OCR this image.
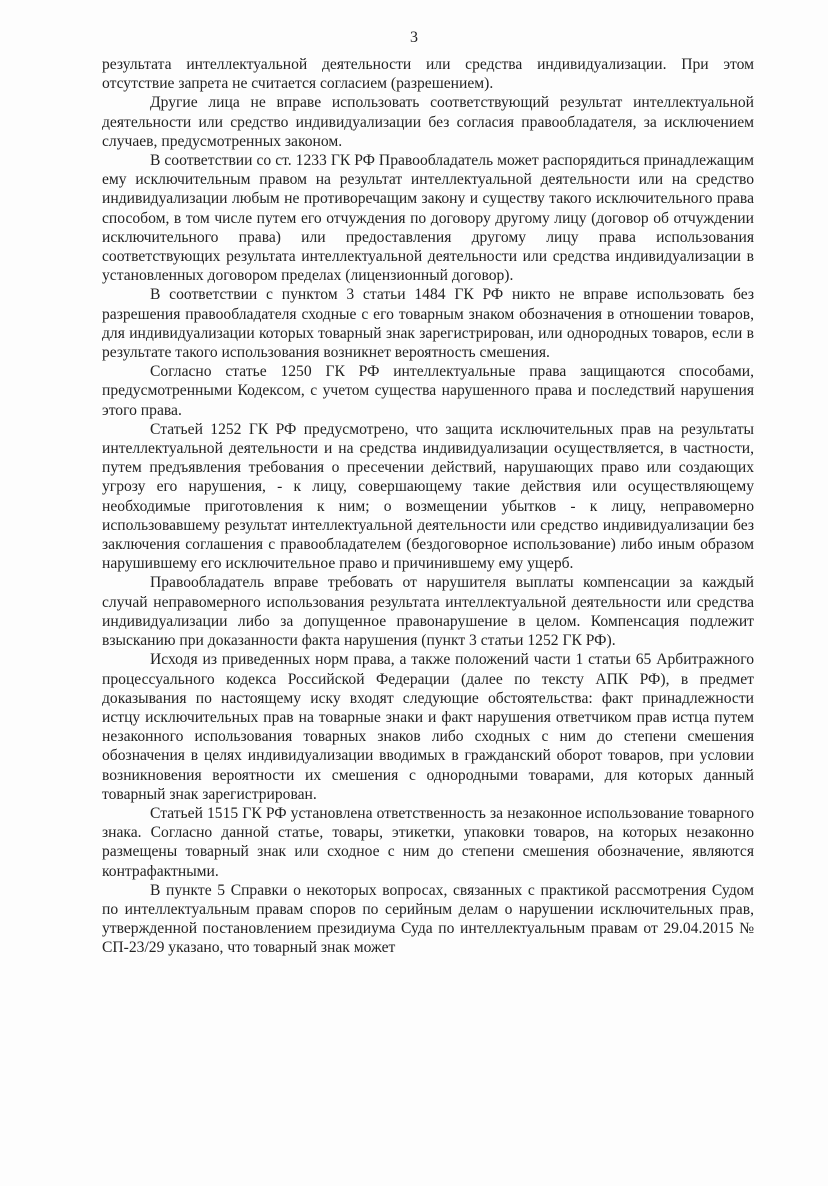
3

результата интеллектуальной деятельности или средства индивидуализации. При этом отсутствие запрета не считается согласием (разрешением).

Другие лица не вправе использовать соответствующий результат интеллектуальной деятельности или средство индивидуализации без согласия правообладателя, за исключением случаев, предусмотренных законом.

В соответствии со ст. 1233 ГК РФ Правообладатель может распорядиться принадлежащим ему исключительным правом на результат интеллектуальной деятельности или на средство индивидуализации любым не противоречащим закону и существу такого исключительного права способом, в том числе путем его отчуждения по договору другому лицу (договор об отчуждении исключительного права) или предоставления другому лицу права использования соответствующих результата интеллектуальной деятельности или средства индивидуализации в установленных договором пределах (лицензионный договор).

В соответствии с пунктом 3 статьи 1484 ГК РФ никто не вправе использовать без разрешения правообладателя сходные с его товарным знаком обозначения в отношении товаров, для индивидуализации которых товарный знак зарегистрирован, или однородных товаров, если в результате такого использования возникнет вероятность смешения.

Согласно статье 1250 ГК РФ интеллектуальные права защищаются способами, предусмотренными Кодексом, с учетом существа нарушенного права и последствий нарушения этого права.

Статьей 1252 ГК РФ предусмотрено, что защита исключительных прав на результаты интеллектуальной деятельности и на средства индивидуализации осуществляется, в частности, путем предъявления требования о пресечении действий, нарушающих право или создающих угрозу его нарушения, - к лицу, совершающему такие действия или осуществляющему необходимые приготовления к ним; о возмещении убытков - к лицу, неправомерно использовавшему результат интеллектуальной деятельности или средство индивидуализации без заключения соглашения с правообладателем (бездоговорное использование) либо иным образом нарушившему его исключительное право и причинившему ему ущерб.

Правообладатель вправе требовать от нарушителя выплаты компенсации за каждый случай неправомерного использования результата интеллектуальной деятельности или средства индивидуализации либо за допущенное правонарушение в целом. Компенсация подлежит взысканию при доказанности факта нарушения (пункт 3 статьи 1252 ГК РФ).

Исходя из приведенных норм права, а также положений части 1 статьи 65 Арбитражного процессуального кодекса Российской Федерации (далее по тексту АПК РФ), в предмет доказывания по настоящему иску входят следующие обстоятельства: факт принадлежности истцу исключительных прав на товарные знаки и факт нарушения ответчиком прав истца путем незаконного использования товарных знаков либо сходных с ним до степени смешения обозначения в целях индивидуализации вводимых в гражданский оборот товаров, при условии возникновения вероятности их смешения с однородными товарами, для которых данный товарный знак зарегистрирован.

Статьей 1515 ГК РФ установлена ответственность за незаконное использование товарного знака. Согласно данной статье, товары, этикетки, упаковки товаров, на которых незаконно размещены товарный знак или сходное с ним до степени смешения обозначение, являются контрафактными.

В пункте 5 Справки о некоторых вопросах, связанных с практикой рассмотрения Судом по интеллектуальным правам споров по серийным делам о нарушении исключительных прав, утвержденной постановлением президиума Суда по интеллектуальным правам от 29.04.2015 № СП-23/29 указано, что товарный знак может
